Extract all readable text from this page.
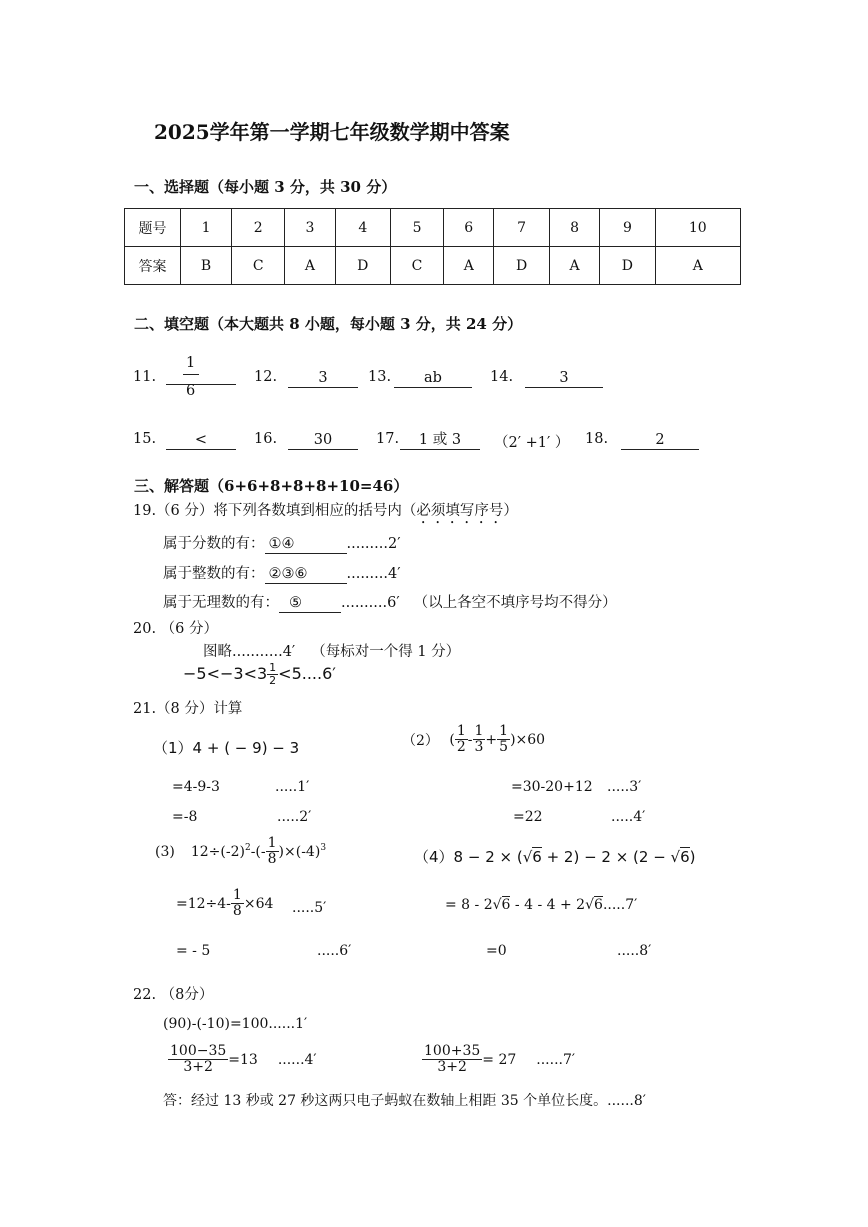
2025学年第一学期七年级数学期中答案
一、选择题（每小题 3 分，共 30 分）
题号	1	2	3	4	5	6	7	8	9	10
答案	B	C	A	D	C	A	D	A	D	A
二、填空题（本大题共 8 小题，每小题 3 分，共 24 分）
11.
1
6
12.	3	13.	ab	14.	3
15.	<	16.	30	17.	1 或 3	（2′ +1′ ） 18.	2
三、解答题（6+6+8+8+8+10=46）
19.（6 分）将下列各数填到相应的括号内（必须填写序号）
属于分数的有： ①④	.........2′
属于整数的有： ②③⑥	.........4′
属于无理数的有： ⑤	..........6′ （以上各空不填序号均不得分）
20. （6 分）
图略...........4′ （每标对一个得 1 分）
$-5<-3<3 \frac{1}{2} <5....6'$
21.（8 分）计算
（1）4 + ( − 9) − 3
=4-9-3	.....1′
=-8	.....2′
（2） ( $\frac{1}{2} - \frac{1}{3} + \frac{1}{5} )\times 60$
=30-20+12 .....3′
=22	.....4′
(3) $12\div(-2)^2-(- \frac{1}{8} )\times(-4)^3$	（4）8 − 2 × (√6 + 2) − 2 × (2 − √6)
$=12\div 4- \frac{1}{8} \times 64$ .....5′	= 8 - 2√6 - 4 - 4 + 2√6.....7′
= - 5	.....6′	=0	.....8′
22. （8分）
(90)-(-10)=100......1′
$\frac{100-35}{3+2} =13$ ......4′	$\frac{100+35}{3+2} = 27$ ......7′
答：经过 13 秒或 27 秒这两只电子蚂蚁在数轴上相距 35 个单位长度。......8′
